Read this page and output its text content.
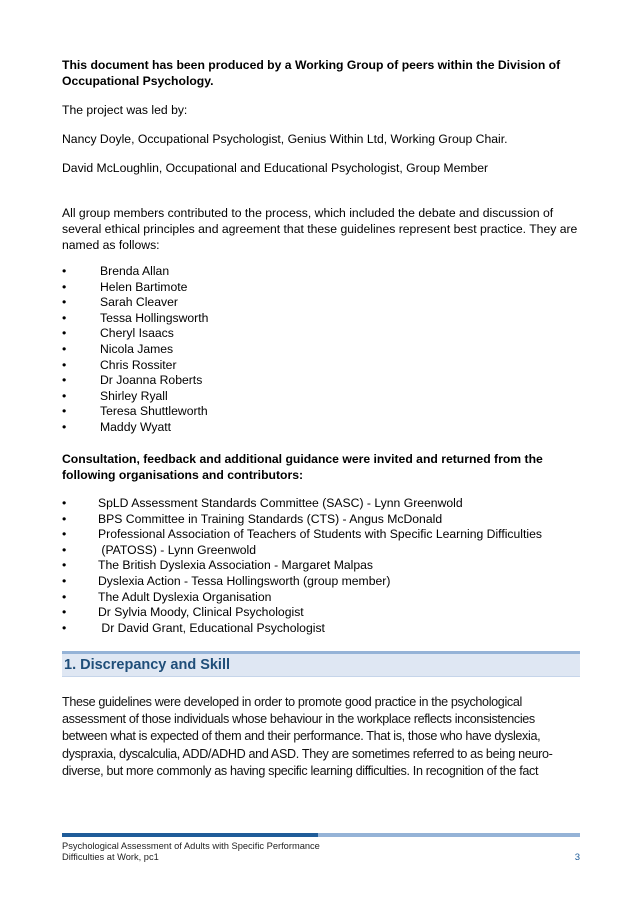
This document has been produced by a Working Group of peers within the Division of Occupational Psychology.
The project was led by:
Nancy Doyle, Occupational Psychologist, Genius Within Ltd, Working Group Chair.
David McLoughlin, Occupational and Educational Psychologist, Group Member
All group members contributed to the process, which included the debate and discussion of several ethical principles and agreement that these guidelines represent best practice. They are named as follows:
•	Brenda Allan
•	Helen Bartimote
•	Sarah Cleaver
•	Tessa Hollingsworth
•	Cheryl Isaacs
•	Nicola James
•	Chris Rossiter
•	Dr Joanna Roberts
•	Shirley Ryall
•	Teresa Shuttleworth
•	Maddy Wyatt
Consultation, feedback and additional guidance were invited and returned from the following organisations and contributors:
•	SpLD Assessment Standards Committee (SASC) - Lynn Greenwold
•	BPS Committee in Training Standards (CTS) - Angus McDonald
•	Professional Association of Teachers of Students with Specific Learning Difficulties
•	(PATOSS) - Lynn Greenwold
•	The British Dyslexia Association - Margaret Malpas
•	Dyslexia Action - Tessa Hollingsworth (group member)
•	The Adult Dyslexia Organisation
•	Dr Sylvia Moody, Clinical Psychologist
•	Dr David Grant, Educational Psychologist
1. Discrepancy and Skill
These guidelines were developed in order to promote good practice in the psychological
assessment of those individuals whose behaviour in the workplace reflects inconsistencies
between what is expected of them and their performance. That is, those who have dyslexia,
dyspraxia, dyscalculia, ADD/ADHD and ASD. They are sometimes referred to as being neuro-
diverse, but more commonly as having specific learning difficulties. In recognition of the fact
Psychological Assessment of Adults with Specific Performance
Difficulties at Work, pc1	3
